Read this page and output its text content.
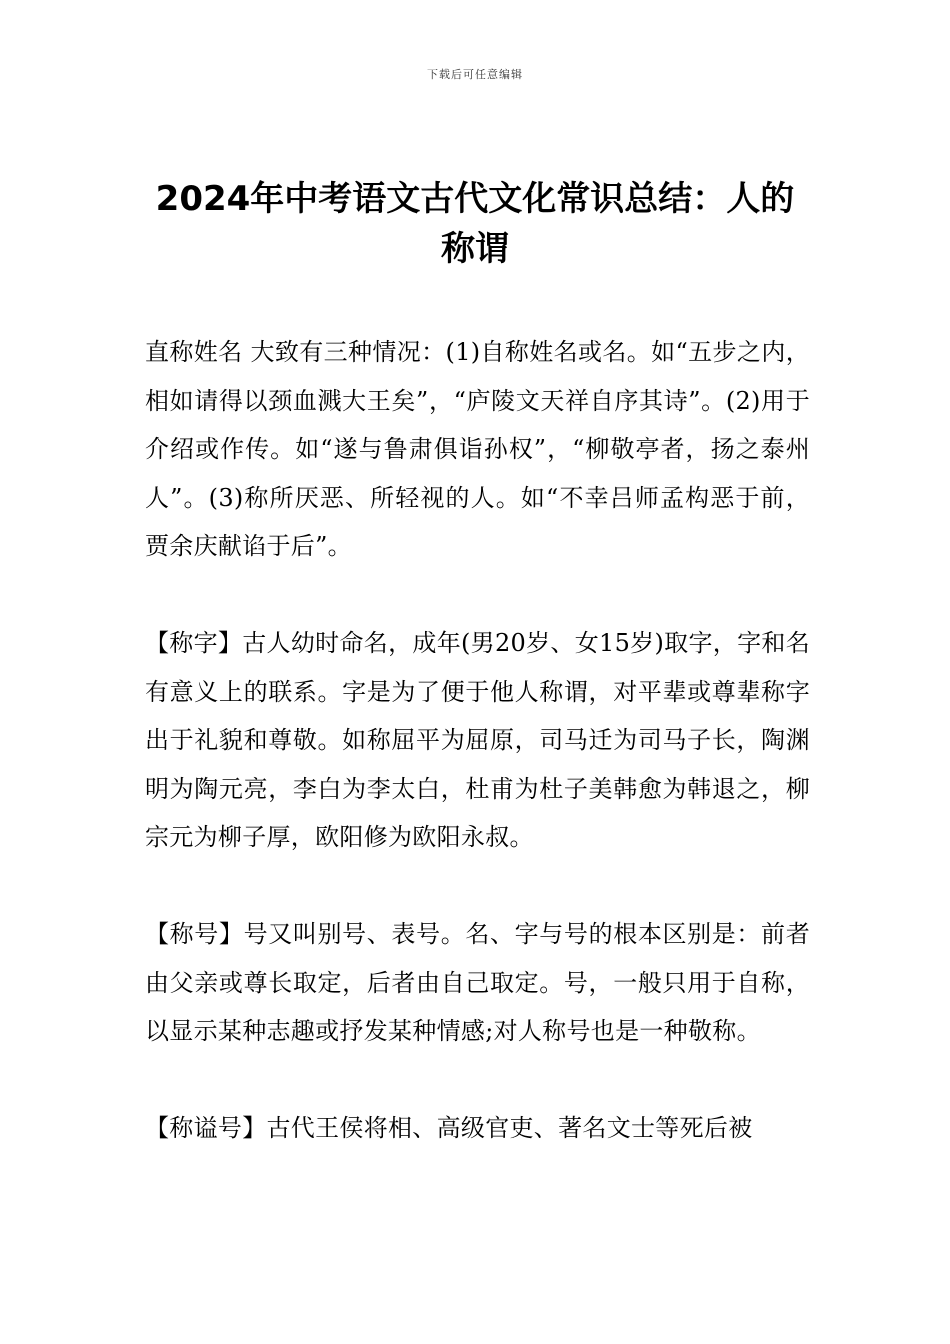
下载后可任意编辑
2024年中考语文古代文化常识总结：人的称谓

直称姓名 大致有三种情况：(1)自称姓名或名。如“五步之内，相如请得以颈血溅大王矣”，“庐陵文天祥自序其诗”。(2)用于介绍或作传。如“遂与鲁肃俱诣孙权”，“柳敬亭者，扬之泰州人”。(3)称所厌恶、所轻视的人。如“不幸吕师孟构恶于前，贾余庆献谄于后”。

【称字】古人幼时命名，成年(男20岁、女15岁)取字，字和名有意义上的联系。字是为了便于他人称谓，对平辈或尊辈称字出于礼貌和尊敬。如称屈平为屈原，司马迁为司马子长，陶渊明为陶元亮，李白为李太白，杜甫为杜子美韩愈为韩退之，柳宗元为柳子厚，欧阳修为欧阳永叔。

【称号】号又叫别号、表号。名、字与号的根本区别是：前者由父亲或尊长取定，后者由自己取定。号，一般只用于自称，以显示某种志趣或抒发某种情感;对人称号也是一种敬称。

【称谥号】古代王侯将相、高级官吏、著名文士等死后被
